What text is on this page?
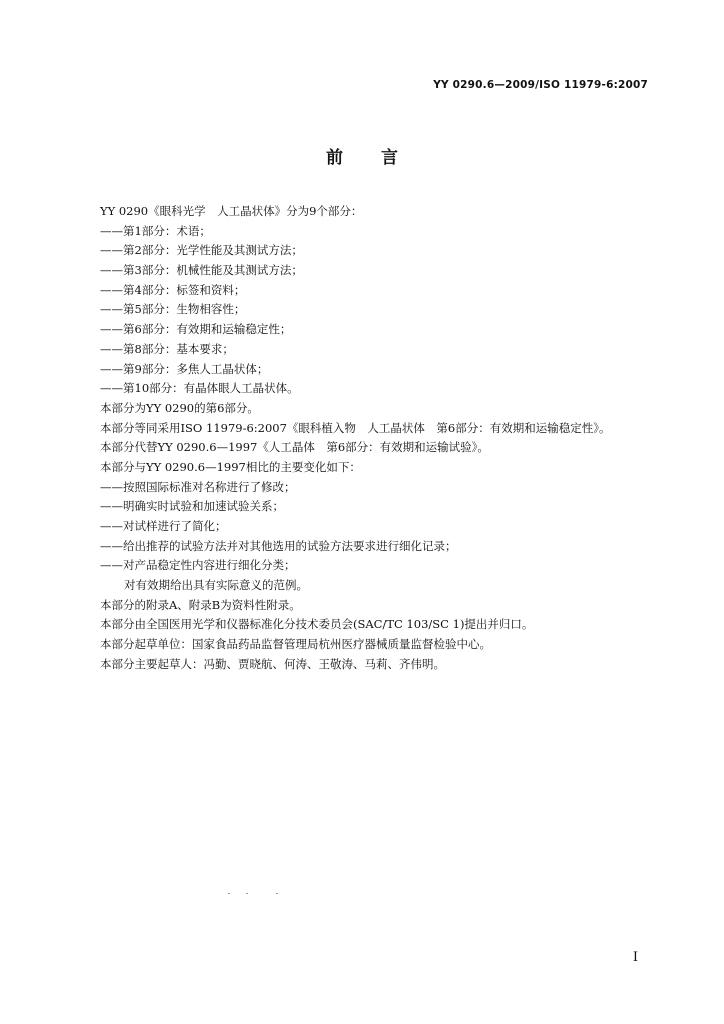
YY 0290.6—2009/ISO 11979-6:2007
前言
YY 0290《眼科光学　人工晶状体》分为9个部分：
——第1部分：术语；
——第2部分：光学性能及其测试方法；
——第3部分：机械性能及其测试方法；
——第4部分：标签和资料；
——第5部分：生物相容性；
——第6部分：有效期和运输稳定性；
——第8部分：基本要求；
——第9部分：多焦人工晶状体；
——第10部分：有晶体眼人工晶状体。
本部分为YY 0290的第6部分。
本部分等同采用ISO 11979-6:2007《眼科植入物　人工晶状体　第6部分：有效期和运输稳定性》。
本部分代替YY 0290.6—1997《人工晶体　第6部分：有效期和运输试验》。
本部分与YY 0290.6—1997相比的主要变化如下：
——按照国际标准对名称进行了修改；
——明确实时试验和加速试验关系；
——对试样进行了简化；
——给出推荐的试验方法并对其他选用的试验方法要求进行细化记录；
——对产品稳定性内容进行细化分类；
对有效期给出具有实际意义的范例。
本部分的附录A、附录B为资料性附录。
本部分由全国医用光学和仪器标准化分技术委员会(SAC/TC 103/SC 1)提出并归口。
本部分起草单位：国家食品药品监督管理局杭州医疗器械质量监督检验中心。
本部分主要起草人：冯勤、贾晓航、何涛、王敬涛、马莉、齐伟明。
I
